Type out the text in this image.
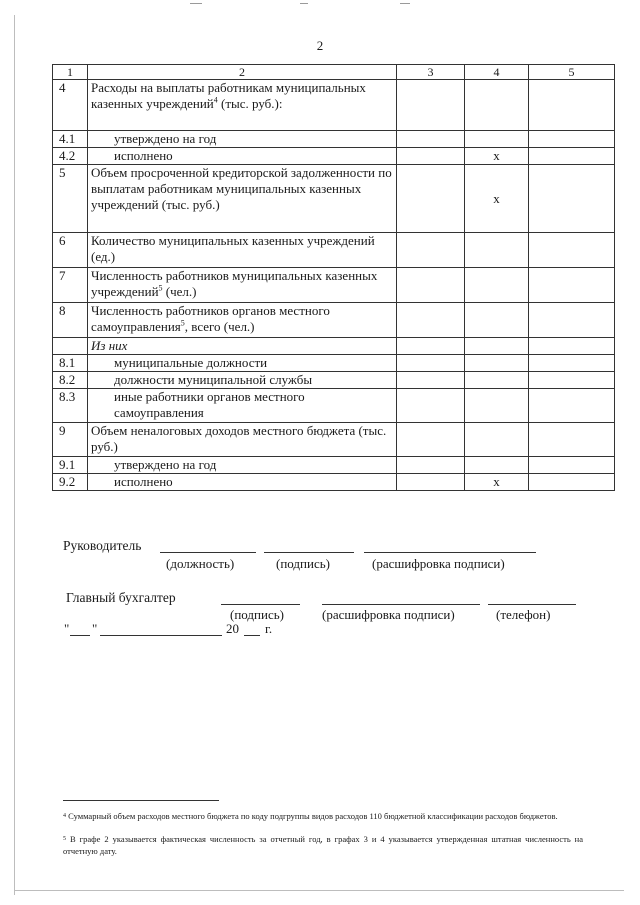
2
1	2	3	4	5
4	Расходы на выплаты работникам муниципальных казенных учреждений$^4$ (тыс. руб.):			
4.1	утверждено на год			
4.2	исполнено		x	
5	Объем просроченной кредиторской задолженности по выплатам работникам муниципальных казенных учреждений (тыс. руб.)		x	
6	Количество муниципальных казенных учреждений (ед.)			
7	Численность работников муниципальных казенных учреждений$^5$ (чел.)			
8	Численность работников органов местного самоуправления$^5$, всего (чел.)			
	Из них			
8.1	муниципальные должности			
8.2	должности муниципальной службы			
8.3	иные работники органов местного самоуправления			
9	Объем неналоговых доходов местного бюджета (тыс. руб.)			
9.1	утверждено на год			
9.2	исполнено		x	
Руководитель
(должность)	(подпись)	(расшифровка подписи)
Главный бухгалтер
(подпись)	(расшифровка подписи)	(телефон)
" "	20 г.
$^4$ Суммарный объем расходов местного бюджета по коду подгруппы видов расходов 110 бюджетной классификации расходов бюджетов.
$^5$ В графе 2 указывается фактическая численность за отчетный год, в графах 3 и 4 указывается утвержденная штатная численность на отчетную дату.
